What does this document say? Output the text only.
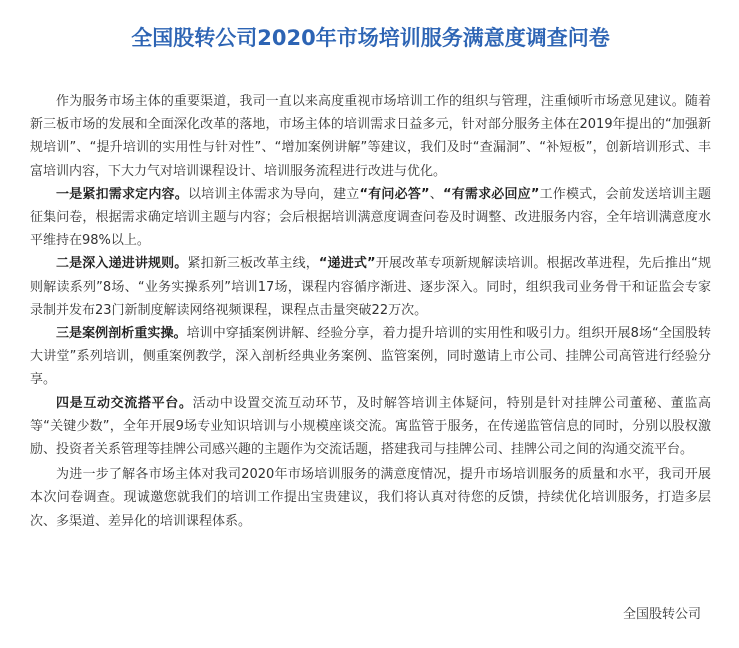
全国股转公司2020年市场培训服务满意度调查问卷

作为服务市场主体的重要渠道，我司一直以来高度重视市场培训工作的组织与管理，注重倾听市场意见建议。随着新三板市场的发展和全面深化改革的落地，市场主体的培训需求日益多元，针对部分服务主体在2019年提出的“加强新规培训”、“提升培训的实用性与针对性”、“增加案例讲解”等建议，我们及时“查漏洞”、“补短板”，创新培训形式、丰富培训内容，下大力气对培训课程设计、培训服务流程进行改进与优化。

一是紧扣需求定内容。以培训主体需求为导向，建立“有问必答”、“有需求必回应”工作模式，会前发送培训主题征集问卷，根据需求确定培训主题与内容；会后根据培训满意度调查问卷及时调整、改进服务内容，全年培训满意度水平维持在98%以上。

二是深入递进讲规则。紧扣新三板改革主线，“递进式”开展改革专项新规解读培训。根据改革进程，先后推出“规则解读系列”8场、“业务实操系列”培训17场，课程内容循序渐进、逐步深入。同时，组织我司业务骨干和证监会专家录制并发布23门新制度解读网络视频课程，课程点击量突破22万次。

三是案例剖析重实操。培训中穿插案例讲解、经验分享，着力提升培训的实用性和吸引力。组织开展8场“全国股转大讲堂”系列培训，侧重案例教学，深入剖析经典业务案例、监管案例，同时邀请上市公司、挂牌公司高管进行经验分享。

四是互动交流搭平台。活动中设置交流互动环节，及时解答培训主体疑问，特别是针对挂牌公司董秘、董监高等“关键少数”，全年开展9场专业知识培训与小规模座谈交流。寓监管于服务，在传递监管信息的同时，分别以股权激励、投资者关系管理等挂牌公司感兴趣的主题作为交流话题，搭建我司与挂牌公司、挂牌公司之间的沟通交流平台。

为进一步了解各市场主体对我司2020年市场培训服务的满意度情况，提升市场培训服务的质量和水平，我司开展本次问卷调查。现诚邀您就我们的培训工作提出宝贵建议，我们将认真对待您的反馈，持续优化培训服务，打造多层次、多渠道、差异化的培训课程体系。

全国股转公司
